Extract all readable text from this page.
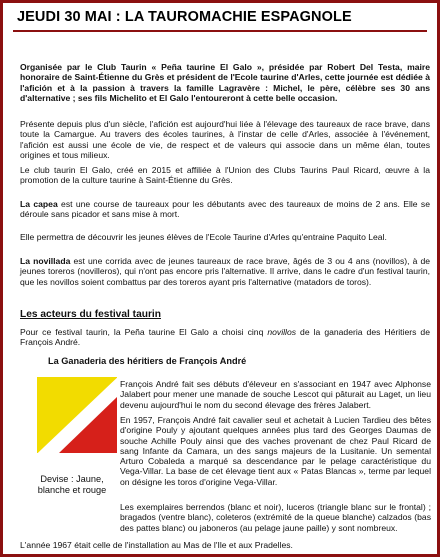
JEUDI 30 MAI : LA TAUROMACHIE ESPAGNOLE

Organisée par le Club Taurin « Peña taurine El Galo », présidée par Robert Del Testa, maire honoraire de Saint-Étienne du Grès et président de l'Ecole taurine d'Arles, cette journée est dédiée à l'afición et à la passion à travers la famille Lagravère : Michel, le père, célèbre ses 30 ans d'alternative ; ses fils Michelito et El Galo l'entoureront à cette belle occasion.

Présente depuis plus d'un siècle, l'afición est aujourd'hui liée à l'élevage des taureaux de race brave, dans toute la Camargue. Au travers des écoles taurines, à l'instar de celle d'Arles, associée à l'événement, l'afición est aussi une école de vie, de respect et de valeurs qui associe dans un même élan, toutes origines et tous milieux.

Le club taurin El Galo, créé en 2015 et affiliée à l'Union des Clubs Taurins Paul Ricard, œuvre à la promotion de la culture taurine à Saint-Étienne du Grès.

La capea est une course de taureaux pour les débutants avec des taureaux de moins de 2 ans. Elle se déroule sans picador et sans mise à mort.

Elle permettra de découvrir les jeunes élèves de l'Ecole Taurine d'Arles qu'entraine Paquito Leal.

La novillada est une corrida avec de jeunes taureaux de race brave, âgés de 3 ou 4 ans (novillos), à de jeunes toreros (novilleros), qui n'ont pas encore pris l'alternative. Il arrive, dans le cadre d'un festival taurin, que les novillos soient combattus par des toreros ayant pris l'alternative (matadors de toros).

Les acteurs du festival taurin

Pour ce festival taurin, la Peña taurine El Galo a choisi cinq novillos de la ganaderia des Héritiers de François André.

La Ganaderia des héritiers de François André
Devise : Jaune, blanche et rouge

François André fait ses débuts d'éleveur en s'associant en 1947 avec Alphonse Jalabert pour mener une manade de souche Lescot qui pâturait au Laget, un lieu devenu aujourd'hui le nom du second élevage des frères Jalabert.

En 1957, François André fait cavalier seul et achetait à Lucien Tardieu des bêtes d'origine Pouly y ajoutant quelques années plus tard des Georges Daumas de souche Achille Pouly ainsi que des vaches provenant de chez Paul Ricard de sang Infante da Camara, un des sangs majeurs de la Lusitanie. Un semental Arturo Cobaleda a marqué sa descendance par le pelage caractéristique du Vega-Villar. La base de cet élevage tient aux « Patas Blancas », terme par lequel on désigne les toros d'origine Vega-Villar.

Les exemplaires berrendos (blanc et noir), luceros (triangle blanc sur le frontal) ; bragados (ventre blanc), coleteros (extrémité de la queue blanche) calzados (bas des pattes blanc) ou jaboneros (au pelage jaune paille) y sont nombreux.

L'année 1967 était celle de l'installation au Mas de l'Ile et aux Pradelles.
